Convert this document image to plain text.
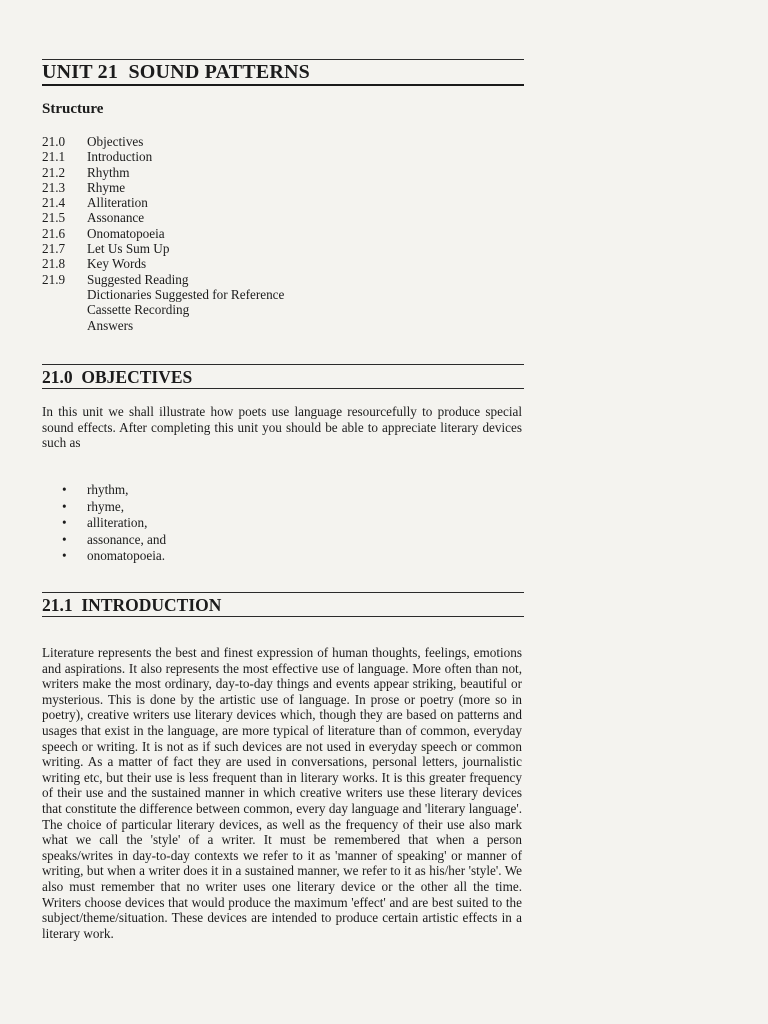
UNIT 21  SOUND PATTERNS
Structure
21.0	Objectives
21.1	Introduction
21.2	Rhythm
21.3	Rhyme
21.4	Alliteration
21.5	Assonance
21.6	Onomatopoeia
21.7	Let Us Sum Up
21.8	Key Words
21.9	Suggested Reading
Dictionaries Suggested for Reference
Cassette Recording
Answers
21.0  OBJECTIVES
In this unit we shall illustrate how poets use language resourcefully to produce special sound effects. After completing this unit you should be able to appreciate literary devices such as
• rhythm,
• rhyme,
• alliteration,
• assonance, and
• onomatopoeia.
21.1  INTRODUCTION
Literature represents the best and finest expression of human thoughts, feelings, emotions and aspirations. It also represents the most effective use of language. More often than not, writers make the most ordinary, day-to-day things and events appear striking, beautiful or mysterious. This is done by the artistic use of language. In prose or poetry (more so in poetry), creative writers use literary devices which, though they are based on patterns and usages that exist in the language, are more typical of literature than of common, everyday speech or writing. It is not as if such devices are not used in everyday speech or common writing. As a matter of fact they are used in conversations, personal letters, journalistic writing etc, but their use is less frequent than in literary works. It is this greater frequency of their use and the sustained manner in which creative writers use these literary devices that constitute the difference between common, every day language and 'literary language'. The choice of particular literary devices, as well as the frequency of their use also mark what we call the 'style' of a writer. It must be remembered that when a person speaks/writes in day-to-day contexts we refer to it as 'manner of speaking' or manner of writing, but when a writer does it in a sustained manner, we refer to it as his/her 'style'. We also must remember that no writer uses one literary device or the other all the time. Writers choose devices that would produce the maximum 'effect' and are best suited to the subject/theme/situation. These devices are intended to produce certain artistic effects in a literary work.
